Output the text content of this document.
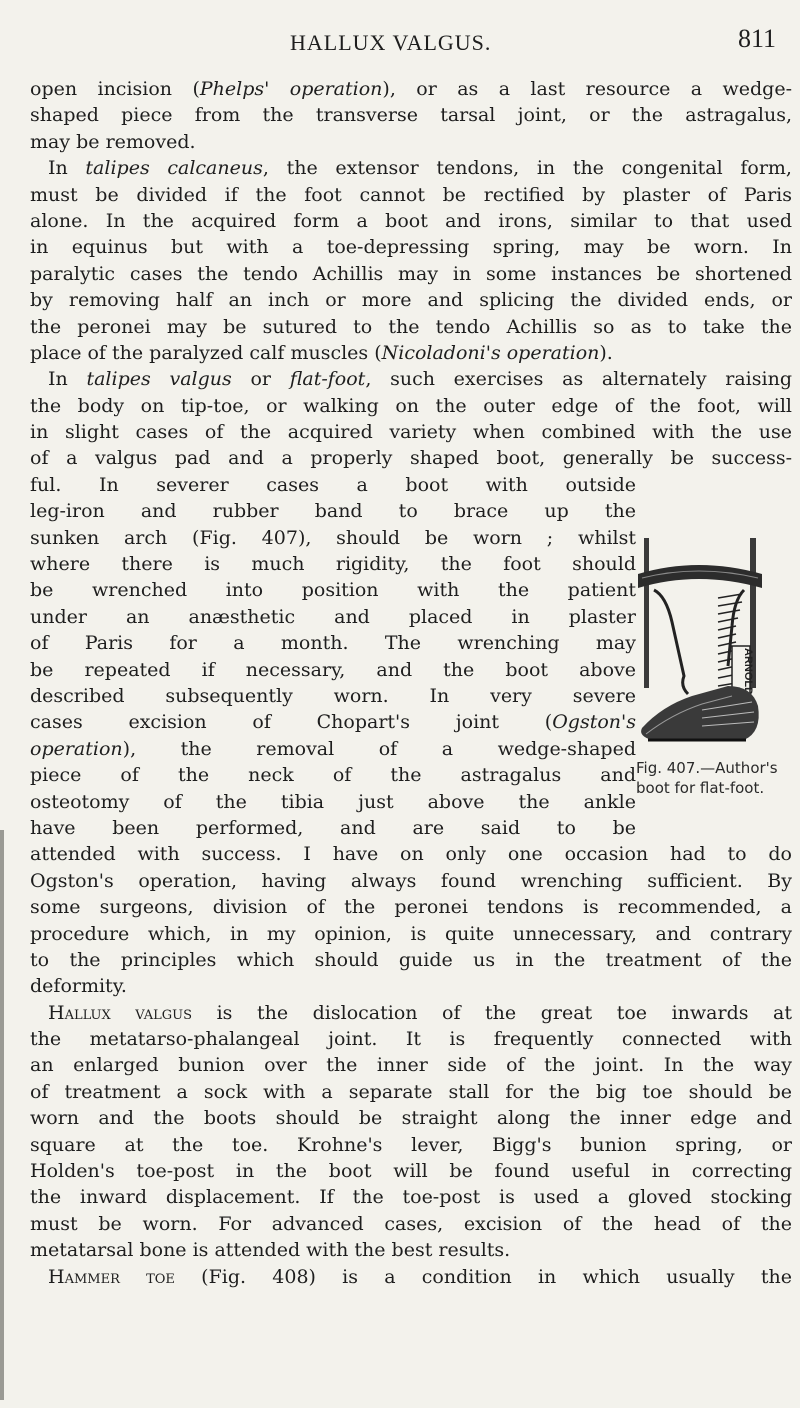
HALLUX VALGUS.	811
open incision (Phelps' operation), or as a last resource a wedge-
shaped piece from the transverse tarsal joint, or the astragalus,
may be removed.
In talipes calcaneus, the extensor tendons, in the congenital form,
must be divided if the foot cannot be rectified by plaster of Paris
alone. In the acquired form a boot and irons, similar to that used
in equinus but with a toe-depressing spring, may be worn. In
paralytic cases the tendo Achillis may in some instances be shortened
by removing half an inch or more and splicing the divided ends, or
the peronei may be sutured to the tendo Achillis so as to take the
place of the paralyzed calf muscles (Nicoladoni's operation).
In talipes valgus or flat-foot, such exercises as alternately raising
the body on tip-toe, or walking on the outer edge of the foot, will
in slight cases of the acquired variety when combined with the use
of a valgus pad and a properly shaped boot, generally be success-
ful. In severer cases a boot with outside
leg-iron and rubber band to brace up the
sunken arch (Fig. 407), should be worn ; whilst
where there is much rigidity, the foot should
be wrenched into position with the patient
under an anæsthetic and placed in plaster
of Paris for a month. The wrenching may
be repeated if necessary, and the boot above
described subsequently worn. In very severe
cases excision of Chopart's joint (Ogston's
operation), the removal of a wedge-shaped
piece of the neck of the astragalus and
osteotomy of the tibia just above the ankle
have been performed, and are said to be
attended with success. I have on only one occasion had to do
Ogston's operation, having always found wrenching sufficient. By
some surgeons, division of the peronei tendons is recommended, a
procedure which, in my opinion, is quite unnecessary, and contrary
to the principles which should guide us in the treatment of the
deformity.
Hallux valgus is the dislocation of the great toe inwards at
the metatarso-phalangeal joint. It is frequently connected with
an enlarged bunion over the inner side of the joint. In the way
of treatment a sock with a separate stall for the big toe should be
worn and the boots should be straight along the inner edge and
square at the toe. Krohne's lever, Bigg's bunion spring, or
Holden's toe-post in the boot will be found useful in correcting
the inward displacement. If the toe-post is used a gloved stocking
must be worn. For advanced cases, excision of the head of the
metatarsal bone is attended with the best results.
Hammer toe (Fig. 408) is a condition in which usually the
ARNOLD
Fig. 407.—Author's
boot for flat-foot.
